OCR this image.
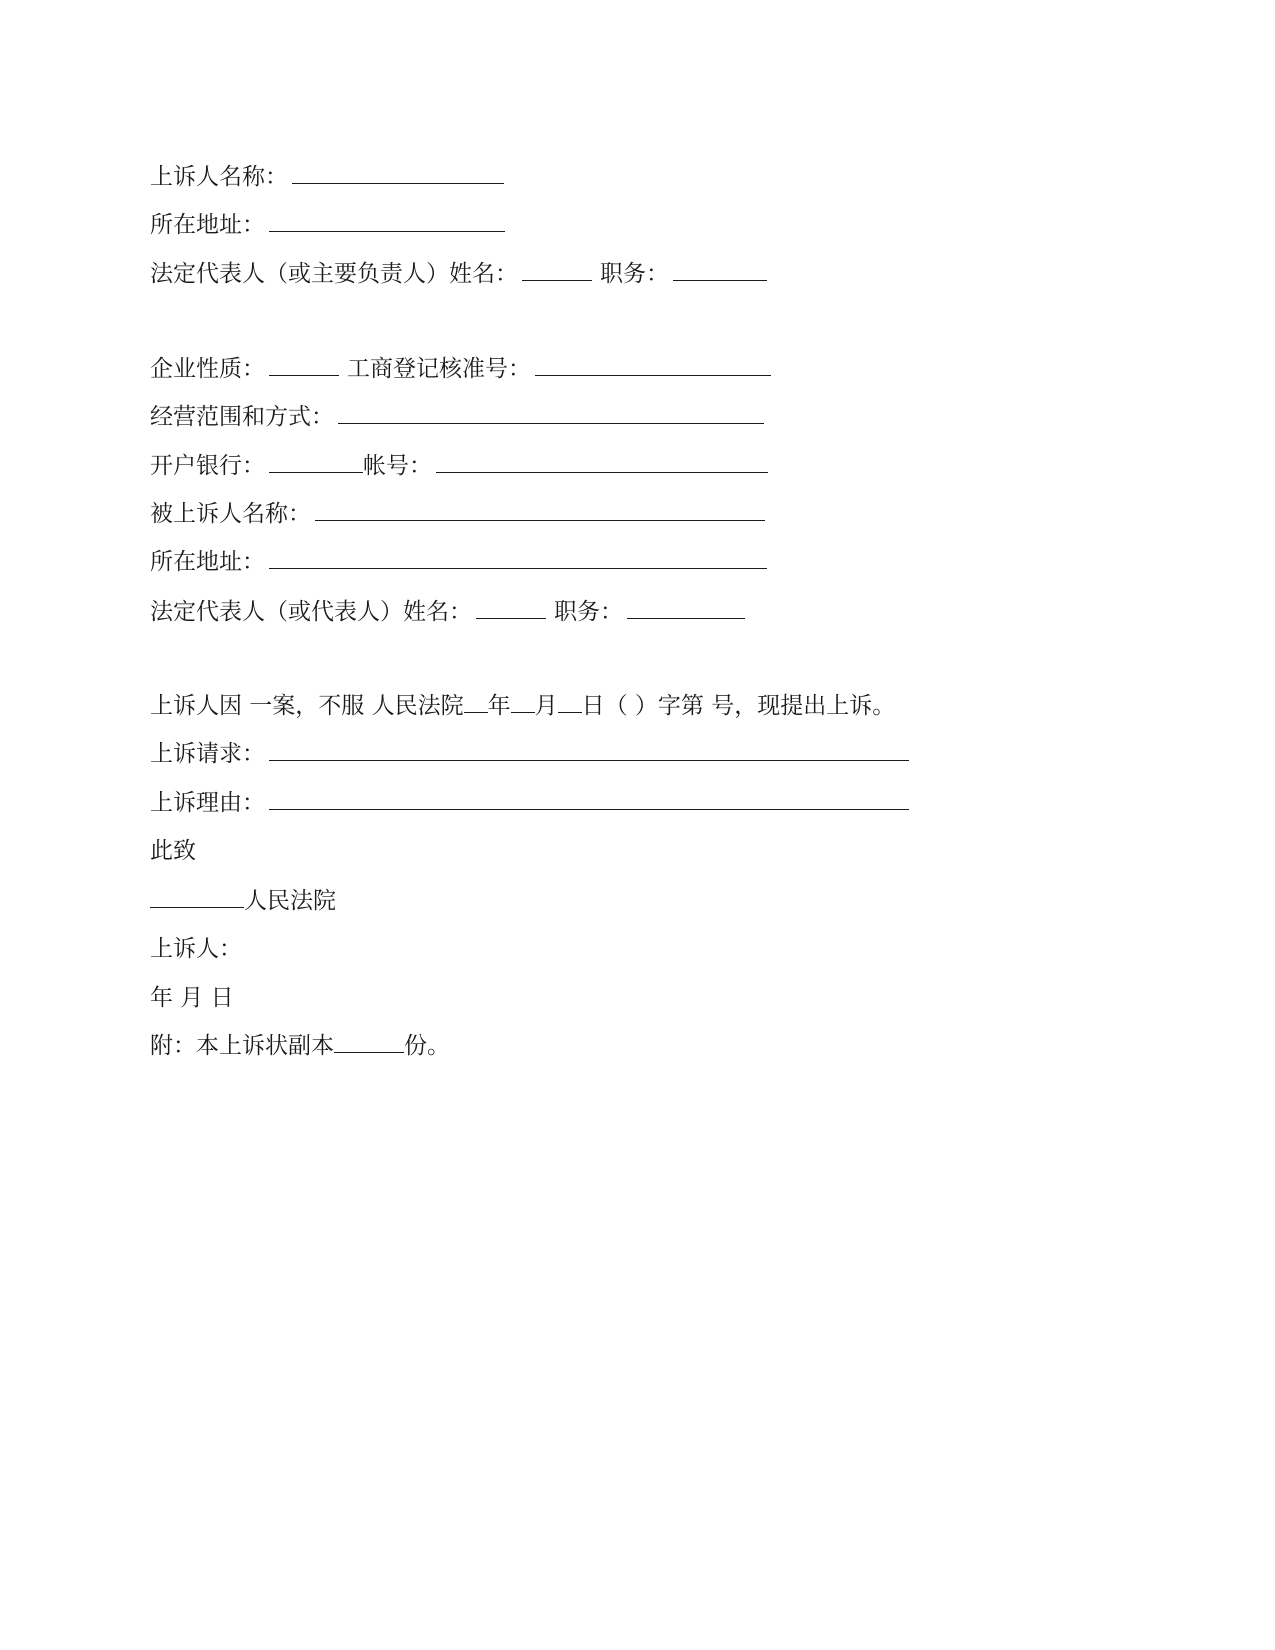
上诉人名称：
所在地址：
法定代表人（或主要负责人）姓名：	职务：
企业性质：	工商登记核准号：
经营范围和方式：
开户银行：	帐号：
被上诉人名称：
所在地址：
法定代表人（或代表人）姓名：	职务：
上诉人因 一案，不服 人民法院 年 月 日（ ）字第 号，现提出上诉。
上诉请求：
上诉理由：
此致
人民法院
上诉人：
年 月 日
附：本上诉状副本	份。
